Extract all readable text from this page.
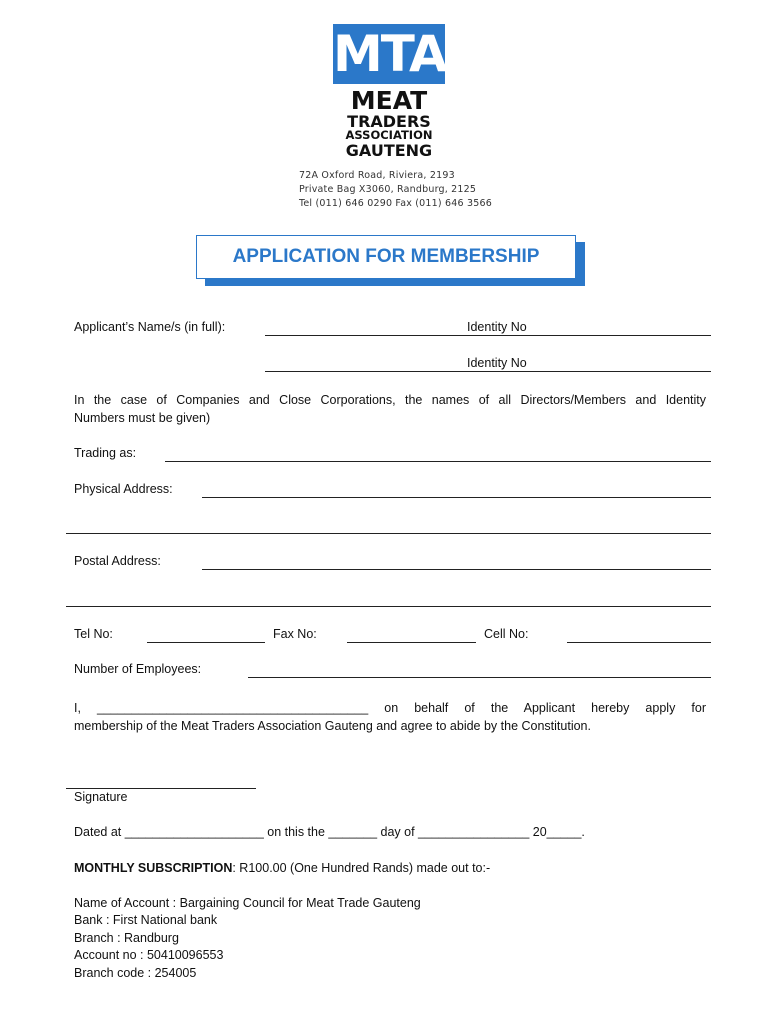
MTA
MEAT
TRADERS
ASSOCIATION
GAUTENG
72A Oxford Road, Riviera, 2193
Private Bag X3060, Randburg, 2125
Tel (011) 646 0290 Fax (011) 646 3566
APPLICATION FOR MEMBERSHIP
Applicant’s Name/s (in full):	Identity No
Identity No
In the case of Companies and Close Corporations, the names of all Directors/Members and Identity
Numbers must be given)
Trading as:
Physical Address:
Postal Address:
Tel No:	Fax No:	Cell No:
Number of Employees:
I, _______________________________________ on behalf of the Applicant hereby apply for
membership of the Meat Traders Association Gauteng and agree to abide by the Constitution.
Signature
Dated at ____________________ on this the _______ day of ________________ 20_____.
MONTHLY SUBSCRIPTION: R100.00 (One Hundred Rands) made out to:-
Name of Account : Bargaining Council for Meat Trade Gauteng
Bank : First National bank
Branch : Randburg
Account no : 50410096553
Branch code : 254005
